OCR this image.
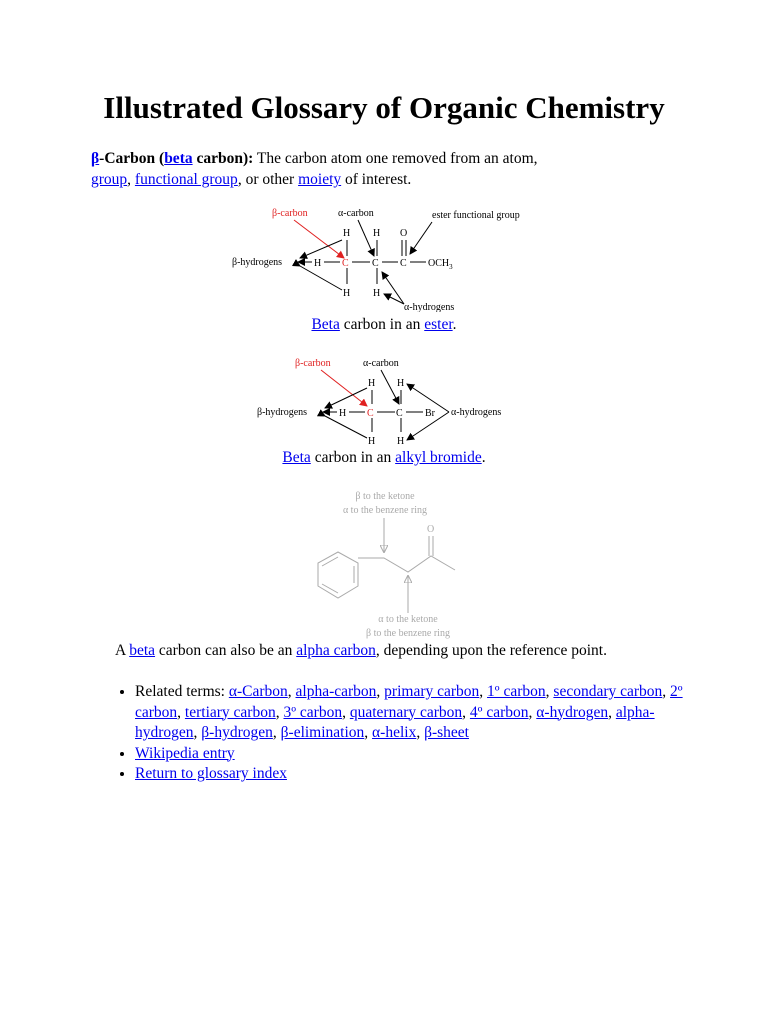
Illustrated Glossary of Organic Chemistry
β-Carbon (beta carbon): The carbon atom one removed from an atom, group, functional group, or other moiety of interest.
β-carbon	α-carbon	ester functional group
H H O
β-hydrogens	H C C C $OCH_3$
H H
α-hydrogens
Beta carbon in an ester.
β-carbon	α-carbon
H H
β-hydrogens	H C C Br
H H
α-hydrogens
Beta carbon in an alkyl bromide.
β to the ketone
α to the benzene ring
O
α to the ketone
β to the benzene ring
A beta carbon can also be an alpha carbon, depending upon the reference point.
• Related terms: α-Carbon, alpha-carbon, primary carbon, 1º carbon, secondary carbon, 2º carbon, tertiary carbon, 3º carbon, quaternary carbon, 4º carbon, α-hydrogen, alpha-hydrogen, β-hydrogen, β-elimination, α-helix, β-sheet
• Wikipedia entry
• Return to glossary index
